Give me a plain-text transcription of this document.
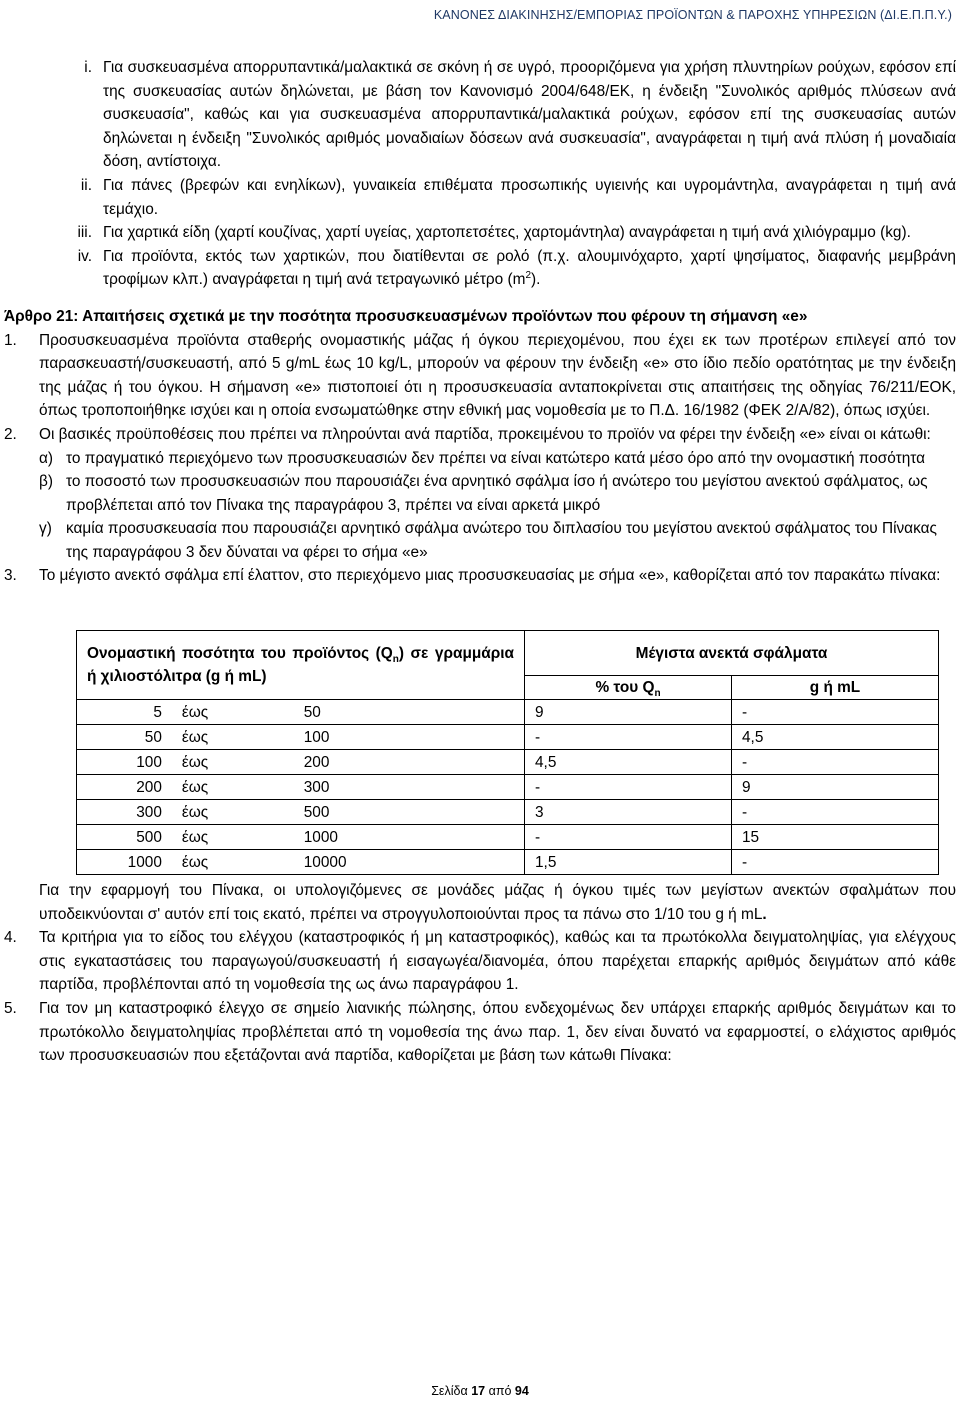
ΚΑΝΟΝΕΣ ΔΙΑΚΙΝΗΣΗΣ/ΕΜΠΟΡΙΑΣ ΠΡΟΪΟΝΤΩΝ & ΠΑΡΟΧΗΣ ΥΠΗΡΕΣΙΩΝ (ΔΙ.Ε.Π.Π.Υ.)
i. Για συσκευασμένα απορρυπαντικά/μαλακτικά σε σκόνη ή σε υγρό, προοριζόμενα για χρήση πλυντηρίων ρούχων, εφόσον επί της συσκευασίας αυτών δηλώνεται, με βάση τον Κανονισμό 2004/648/ΕΚ, η ένδειξη "Συνολικός αριθμός πλύσεων ανά συσκευασία", καθώς και για συσκευασμένα απορρυπαντικά/μαλακτικά ρούχων, εφόσον επί της συσκευασίας αυτών δηλώνεται η ένδειξη "Συνολικός αριθμός μοναδιαίων δόσεων ανά συσκευασία", αναγράφεται η τιμή ανά πλύση ή μοναδιαία δόση, αντίστοιχα.
ii. Για πάνες (βρεφών και ενηλίκων), γυναικεία επιθέματα προσωπικής υγιεινής και υγρομάντηλα, αναγράφεται η τιμή ανά τεμάχιο.
iii. Για χαρτικά είδη (χαρτί κουζίνας, χαρτί υγείας, χαρτοπετσέτες, χαρτομάντηλα) αναγράφεται η τιμή ανά χιλιόγραμμο (kg).
iv. Για προϊόντα, εκτός των χαρτικών, που διατίθενται σε ρολό (π.χ. αλουμινόχαρτο, χαρτί ψησίματος, διαφανής μεμβράνη τροφίμων κλπ.) αναγράφεται η τιμή ανά τετραγωνικό μέτρο $(m^2)$.
Άρθρο 21: Απαιτήσεις σχετικά με την ποσότητα προσυσκευασμένων προϊόντων που φέρουν τη σήμανση «e»
1. Προσυσκευασμένα προϊόντα σταθερής ονομαστικής μάζας ή όγκου περιεχομένου, που έχει εκ των προτέρων επιλεγεί από τον παρασκευαστή/συσκευαστή, από 5 g/mL έως 10 kg/L, μπορούν να φέρουν την ένδειξη «e» στο ίδιο πεδίο ορατότητας με την ένδειξη της μάζας ή του όγκου. Η σήμανση «e» πιστοποιεί ότι η προσυσκευασία ανταποκρίνεται στις απαιτήσεις της οδηγίας 76/211/ΕΟΚ, όπως τροποποιήθηκε ισχύει και η οποία ενσωματώθηκε στην εθνική μας νομοθεσία με το Π.Δ. 16/1982 (ΦΕΚ 2/Α/82), όπως ισχύει.
2. Οι βασικές προϋποθέσεις που πρέπει να πληρούνται ανά παρτίδα, προκειμένου το προϊόν να φέρει την ένδειξη «e» είναι οι κάτωθι:
α) το πραγματικό περιεχόμενο των προσυσκευασιών δεν πρέπει να είναι κατώτερο κατά μέσο όρο από την ονομαστική ποσότητα
β) το ποσοστό των προσυσκευασιών που παρουσιάζει ένα αρνητικό σφάλμα ίσο ή ανώτερο του μεγίστου ανεκτού σφάλματος, ως προβλέπεται από τον Πίνακα της παραγράφου 3, πρέπει να είναι αρκετά μικρό
γ) καμία προσυσκευασία που παρουσιάζει αρνητικό σφάλμα ανώτερο του διπλασίου του μεγίστου ανεκτού σφάλματος του Πίνακας της παραγράφου 3 δεν δύναται να φέρει το σήμα «e»
3. Το μέγιστο ανεκτό σφάλμα επί έλαττον, στο περιεχόμενο μιας προσυσκευασίας με σήμα «e», καθορίζεται από τον παρακάτω πίνακα:
Ονομαστική ποσότητα του προϊόντος $(Q_n)$ σε γραμμάρια ή χιλιοστόλιτρα (g ή mL)			Μέγιστα ανεκτά σφάλματα	
			% του $Q_n$	g ή mL
5	έως	50	9	-
50	έως	100	-	4,5
100	έως	200	4,5	-
200	έως	300	-	9
300	έως	500	3	-
500	έως	1000	-	15
1000	έως	10000	1,5	-
Για την εφαρμογή του Πίνακα, οι υπολογιζόμενες σε μονάδες μάζας ή όγκου τιμές των μεγίστων ανεκτών σφαλμάτων που υποδεικνύονται σ' αυτόν επί τοις εκατό, πρέπει να στρογγυλοποιούνται προς τα πάνω στο 1/10 του g ή mL.
4. Τα κριτήρια για το είδος του ελέγχου (καταστροφικός ή μη καταστροφικός), καθώς και τα πρωτόκολλα δειγματοληψίας, για ελέγχους στις εγκαταστάσεις του παραγωγού/συσκευαστή ή εισαγωγέα/διανομέα, όπου παρέχεται επαρκής αριθμός δειγμάτων από κάθε παρτίδα, προβλέπονται από τη νομοθεσία της ως άνω παραγράφου 1.
5. Για τον μη καταστροφικό έλεγχο σε σημείο λιανικής πώλησης, όπου ενδεχομένως δεν υπάρχει επαρκής αριθμός δειγμάτων και το πρωτόκολλο δειγματοληψίας προβλέπεται από τη νομοθεσία της άνω παρ. 1, δεν είναι δυνατό να εφαρμοστεί, ο ελάχιστος αριθμός των προσυσκευασιών που εξετάζονται ανά παρτίδα, καθορίζεται με βάση των κάτωθι Πίνακα:
Σελίδα 17 από 94
